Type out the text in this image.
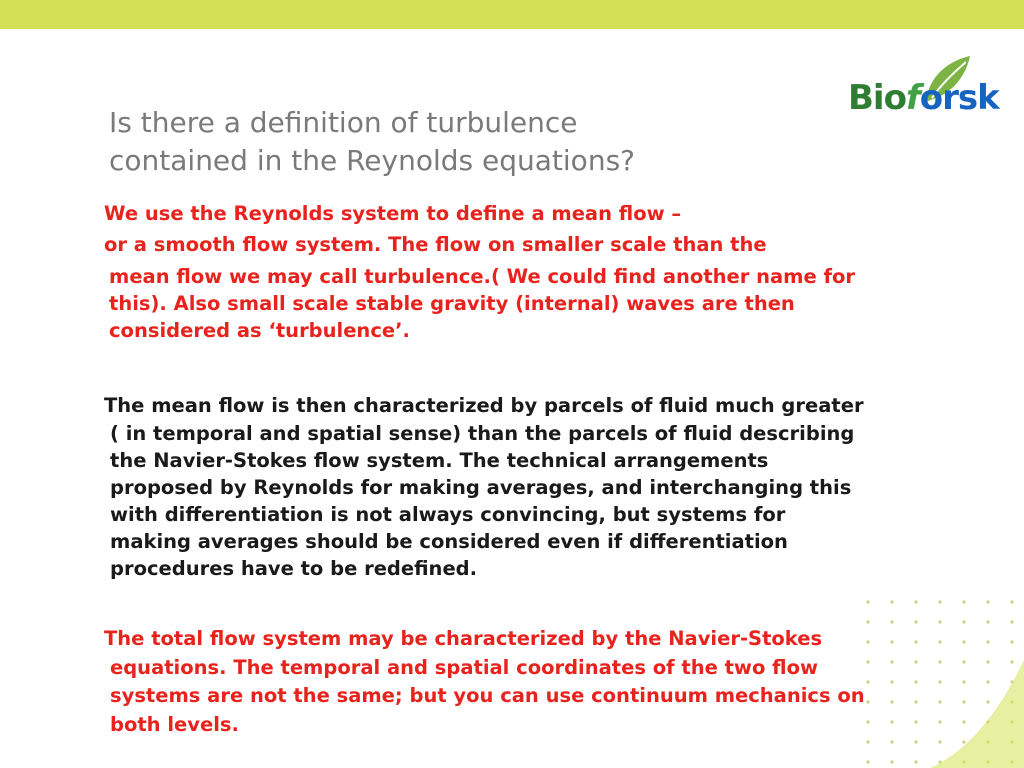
Is there a definition of turbulence
contained in the Reynolds equations?
Bioforsk
We use the Reynolds system to define a mean flow –
or a smooth flow system. The flow on smaller scale than the
mean flow we may call turbulence.( We could find another name for
this). Also small scale stable gravity (internal) waves are then
considered as ‘turbulence’.
The mean flow is then characterized by parcels of fluid much greater
( in temporal and spatial sense) than the parcels of fluid describing
the Navier-Stokes flow system. The technical arrangements
proposed by Reynolds for making averages, and interchanging this
with differentiation is not always convincing, but systems for
making averages should be considered even if differentiation
procedures have to be redefined.
The total flow system may be characterized by the Navier-Stokes
equations. The temporal and spatial coordinates of the two flow
systems are not the same; but you can use continuum mechanics on
both levels.
